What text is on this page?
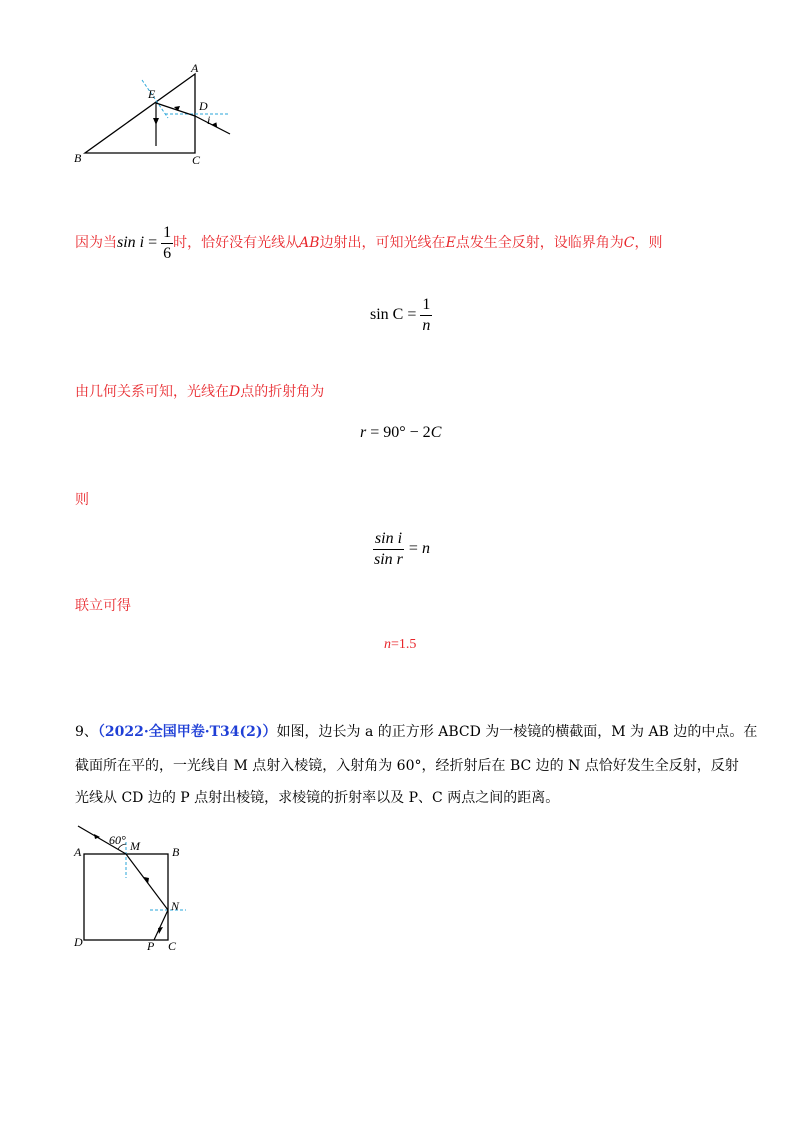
A
B	C
D
E
i
因为当$\sin i = \frac{1}{6}$ 时，恰好没有光线从AB边射出，可知光线在E点发生全反射，设临界角为C，则
$\sin C = \frac{1}{n}$
由几何关系可知，光线在D点的折射角为
r = 90° − 2C
则
$\frac{\text{sin i}}{\text{sin r}} = n$
联立可得
n=1.5
9、（2022·全国甲卷·T34(2)）如图，边长为 a 的正方形 ABCD 为一棱镜的横截面，M 为 AB 边的中点。在
截面所在平的，一光线自 M 点射入棱镜，入射角为 60°，经折射后在 BC 边的 N 点恰好发生全反射，反射
光线从 CD 边的 P 点射出棱镜，求棱镜的折射率以及 P、C 两点之间的距离。
60°
A	B
M
N
D	P C
